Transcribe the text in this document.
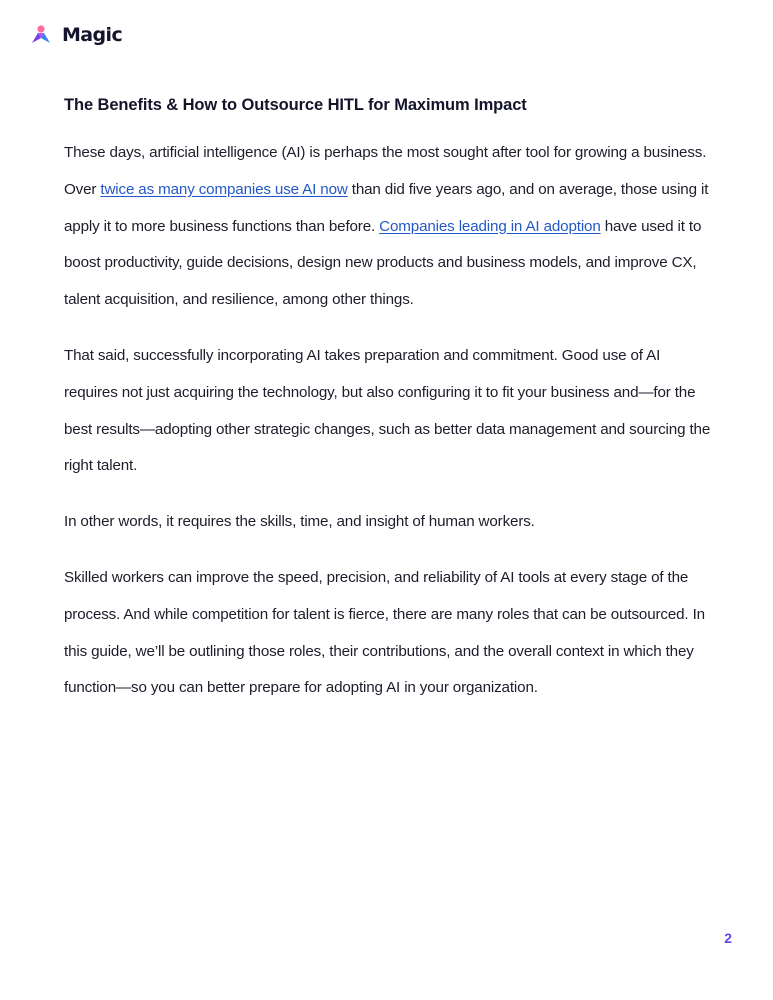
Magic
The Benefits & How to Outsource HITL for Maximum Impact

These days, artificial intelligence (AI) is perhaps the most sought after tool for growing a business. Over twice as many companies use AI now than did five years ago, and on average, those using it apply it to more business functions than before. Companies leading in AI adoption have used it to boost productivity, guide decisions, design new products and business models, and improve CX, talent acquisition, and resilience, among other things.

That said, successfully incorporating AI takes preparation and commitment. Good use of AI requires not just acquiring the technology, but also configuring it to fit your business and—for the best results—adopting other strategic changes, such as better data management and sourcing the right talent.

In other words, it requires the skills, time, and insight of human workers.

Skilled workers can improve the speed, precision, and reliability of AI tools at every stage of the process. And while competition for talent is fierce, there are many roles that can be outsourced. In this guide, we’ll be outlining those roles, their contributions, and the overall context in which they function—so you can better prepare for adopting AI in your organization.

2
